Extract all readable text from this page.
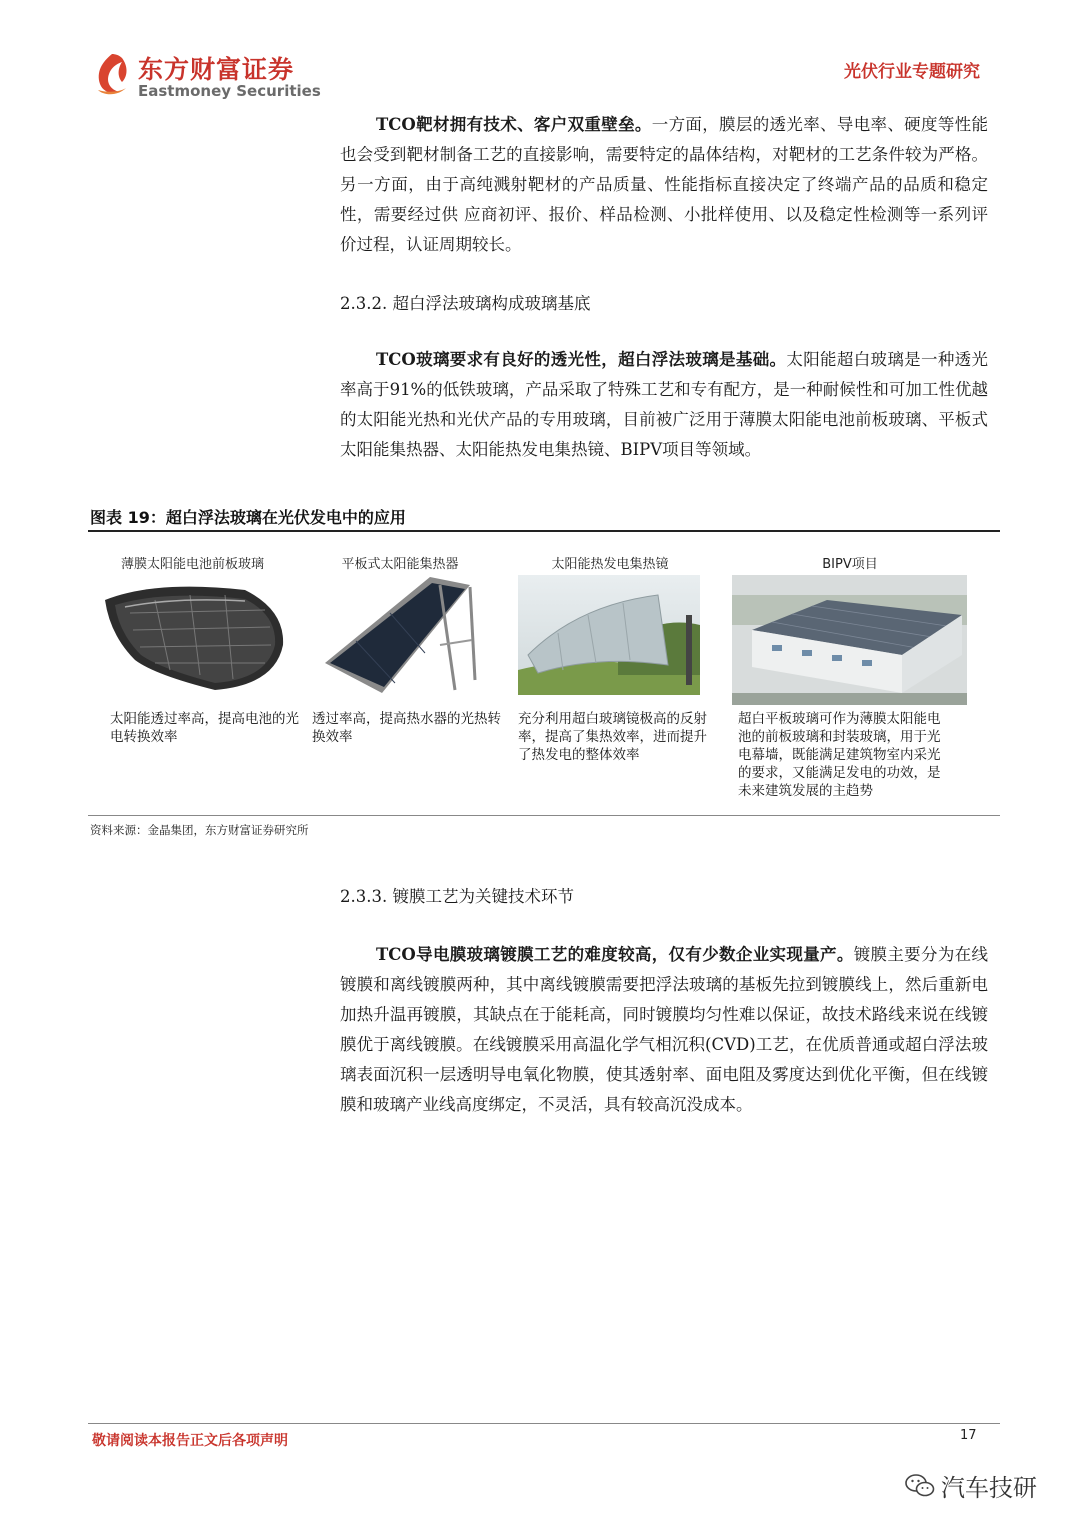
东方财富证券
Eastmoney Securities
光伏行业专题研究
TCO靶材拥有技术、客户双重壁垒。一方面，膜层的透光率、导电率、硬度等性能也会受到靶材制备工艺的直接影响，需要特定的晶体结构，对靶材的工艺条件较为严格。另一方面，由于高纯溅射靶材的产品质量、性能指标直接决定了终端产品的品质和稳定性，需要经过供 应商初评、报价、样品检测、小批样使用、以及稳定性检测等一系列评价过程，认证周期较长。
2.3.2. 超白浮法玻璃构成玻璃基底
TCO玻璃要求有良好的透光性，超白浮法玻璃是基础。太阳能超白玻璃是一种透光率高于91%的低铁玻璃，产品采取了特殊工艺和专有配方，是一种耐候性和可加工性优越的太阳能光热和光伏产品的专用玻璃，目前被广泛用于薄膜太阳能电池前板玻璃、平板式太阳能集热器、太阳能热发电集热镜、BIPV项目等领域。
图表 19：超白浮法玻璃在光伏发电中的应用
薄膜太阳能电池前板玻璃
太阳能透过率高，提高电池的光电转换效率
平板式太阳能集热器
透过率高，提高热水器的光热转换效率
太阳能热发电集热镜
充分利用超白玻璃镜极高的反射率，提高了集热效率，进而提升了热发电的整体效率
BIPV项目
超白平板玻璃可作为薄膜太阳能电池的前板玻璃和封装玻璃，用于光电幕墙，既能满足建筑物室内采光的要求，又能满足发电的功效，是未来建筑发展的主趋势
资料来源：金晶集团，东方财富证券研究所
2.3.3. 镀膜工艺为关键技术环节
TCO导电膜玻璃镀膜工艺的难度较高，仅有少数企业实现量产。镀膜主要分为在线镀膜和离线镀膜两种，其中离线镀膜需要把浮法玻璃的基板先拉到镀膜线上，然后重新电加热升温再镀膜，其缺点在于能耗高，同时镀膜均匀性难以保证，故技术路线来说在线镀膜优于离线镀膜。在线镀膜采用高温化学气相沉积(CVD)工艺，在优质普通或超白浮法玻璃表面沉积一层透明导电氧化物膜，使其透射率、面电阻及雾度达到优化平衡，但在线镀膜和玻璃产业线高度绑定，不灵活，具有较高沉没成本。
敬请阅读本报告正文后各项声明	17
汽车技研
